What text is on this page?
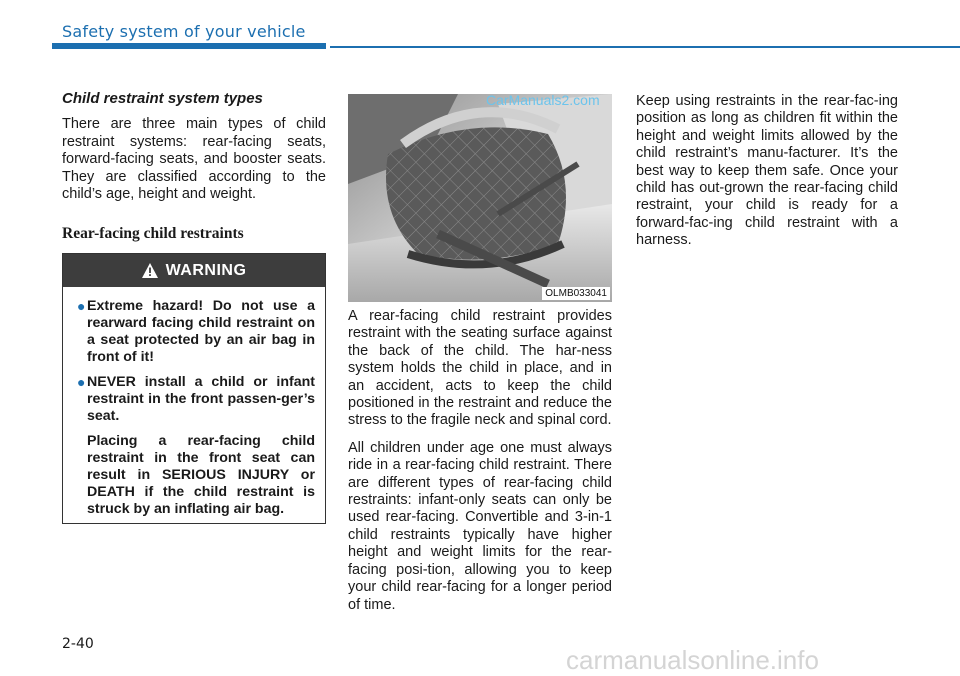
Safety system of your vehicle
Child restraint system types

There are three main types of child restraint systems: rear-facing seats, forward-facing seats, and booster seats. They are classified according to the child’s age, height and weight.

Rear-facing child restraints
WARNING
● Extreme hazard! Do not use a rearward facing child restraint on a seat protected by an air bag in front of it!
● NEVER install a child or infant restraint in the front passen-ger’s seat.
Placing a rear-facing child restraint in the front seat can result in SERIOUS INJURY or DEATH if the child restraint is struck by an inflating air bag.
OLMB033041
CarManuals2.com

A rear-facing child restraint provides restraint with the seating surface against the back of the child. The har-ness system holds the child in place, and in an accident, acts to keep the child positioned in the restraint and reduce the stress to the fragile neck and spinal cord.

All children under age one must always ride in a rear-facing child restraint. There are different types of rear-facing child restraints: infant-only seats can only be used rear-facing. Convertible and 3-in-1 child restraints typically have higher height and weight limits for the rear-facing posi-tion, allowing you to keep your child rear-facing for a longer period of time.

Keep using restraints in the rear-fac-ing position as long as children fit within the height and weight limits allowed by the child restraint’s manu-facturer. It’s the best way to keep them safe. Once your child has out-grown the rear-facing child restraint, your child is ready for a forward-fac-ing child restraint with a harness.

2-40
carmanualsonline.info
